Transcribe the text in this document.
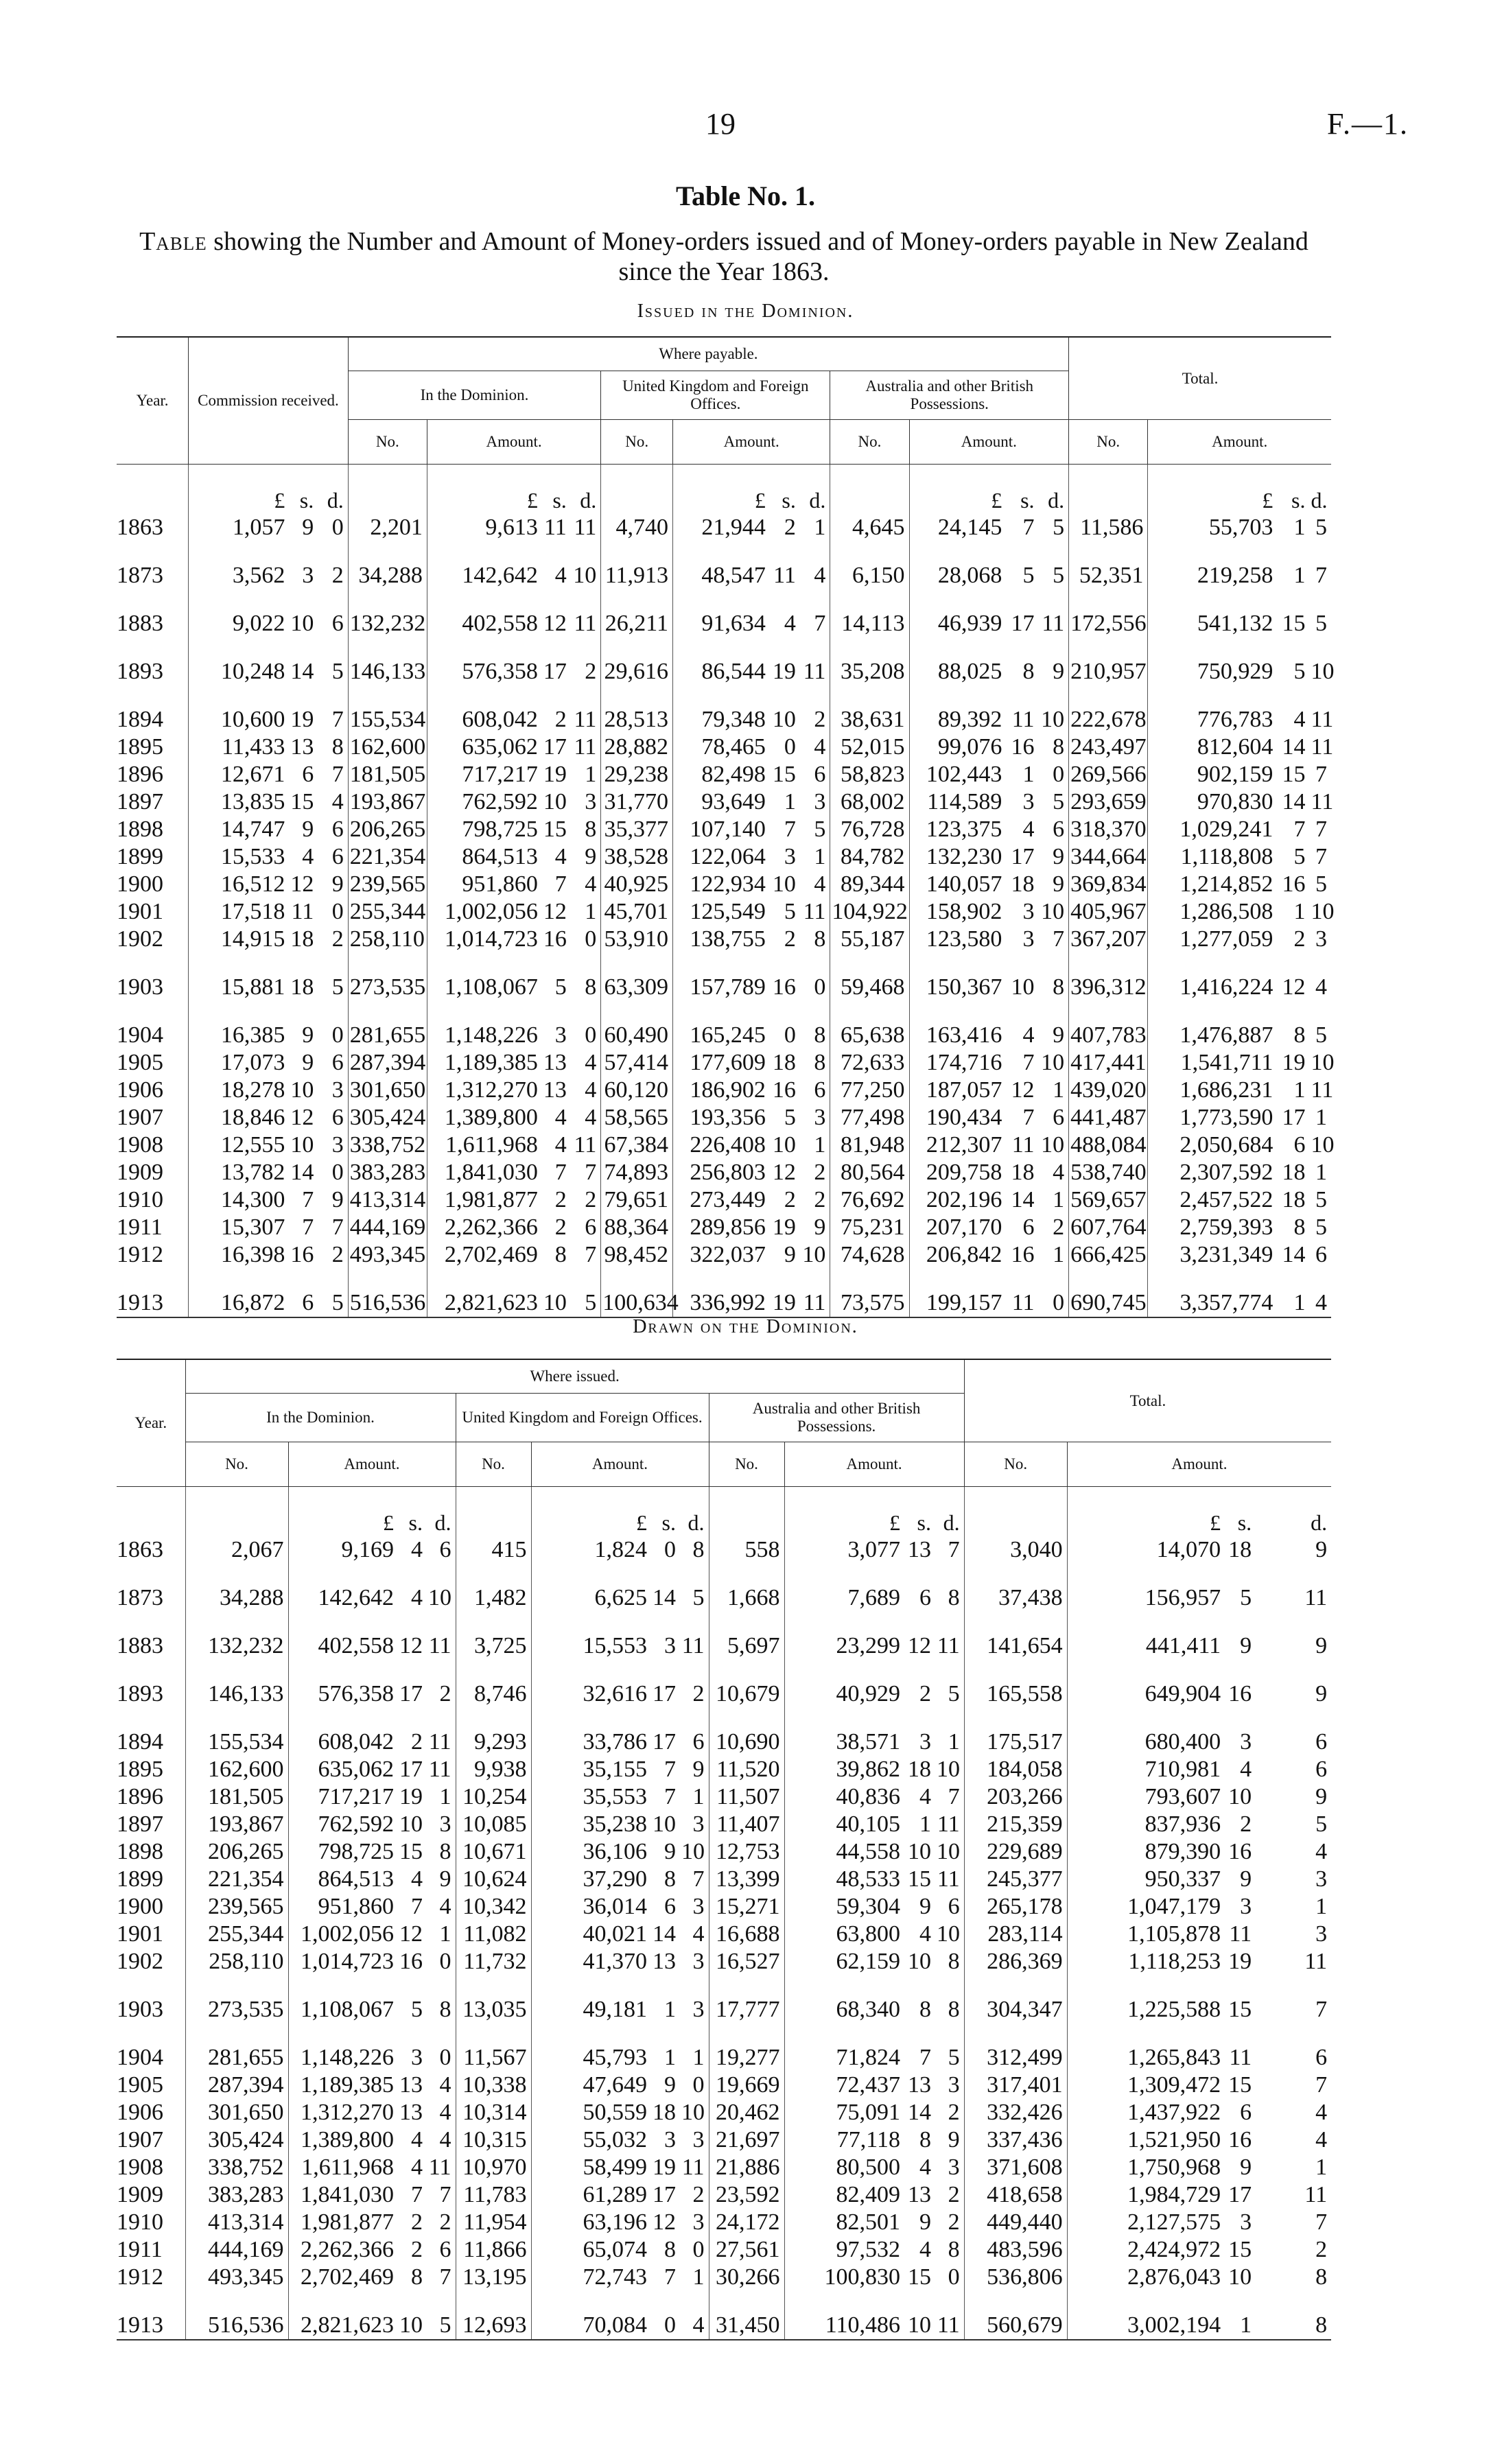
19	F.—1.
Table No. 1.
Table showing the Number and Amount of Money-orders issued and of Money-orders payable in New Zealand since the Year 1863.
Issued in the Dominion.
Year.	Commission received.			Where payable.												Total.			
				In the Dominion.				United Kingdom and Foreign Offices.				Australia and other British Possessions.							
				No.	Amount.			No.	Amount.			No.	Amount.			No.	Amount.		
	£	s.	d.		£	s.	d.		£	s.	d.		£	s.	d.		£	s.	d.
1863	1,057	9	0	2,201	9,613	11	11	4,740	21,944	2	1	4,645	24,145	7	5	11,586	55,703	1	5
1873	3,562	3	2	34,288	142,642	4	10	11,913	48,547	11	4	6,150	28,068	5	5	52,351	219,258	1	7
1883	9,022	10	6	132,232	402,558	12	11	26,211	91,634	4	7	14,113	46,939	17	11	172,556	541,132	15	5
1893	10,248	14	5	146,133	576,358	17	2	29,616	86,544	19	11	35,208	88,025	8	9	210,957	750,929	5	10
1894	10,600	19	7	155,534	608,042	2	11	28,513	79,348	10	2	38,631	89,392	11	10	222,678	776,783	4	11
1895	11,433	13	8	162,600	635,062	17	11	28,882	78,465	0	4	52,015	99,076	16	8	243,497	812,604	14	11
1896	12,671	6	7	181,505	717,217	19	1	29,238	82,498	15	6	58,823	102,443	1	0	269,566	902,159	15	7
1897	13,835	15	4	193,867	762,592	10	3	31,770	93,649	1	3	68,002	114,589	3	5	293,659	970,830	14	11
1898	14,747	9	6	206,265	798,725	15	8	35,377	107,140	7	5	76,728	123,375	4	6	318,370	1,029,241	7	7
1899	15,533	4	6	221,354	864,513	4	9	38,528	122,064	3	1	84,782	132,230	17	9	344,664	1,118,808	5	7
1900	16,512	12	9	239,565	951,860	7	4	40,925	122,934	10	4	89,344	140,057	18	9	369,834	1,214,852	16	5
1901	17,518	11	0	255,344	1,002,056	12	1	45,701	125,549	5	11	104,922	158,902	3	10	405,967	1,286,508	1	10
1902	14,915	18	2	258,110	1,014,723	16	0	53,910	138,755	2	8	55,187	123,580	3	7	367,207	1,277,059	2	3
1903	15,881	18	5	273,535	1,108,067	5	8	63,309	157,789	16	0	59,468	150,367	10	8	396,312	1,416,224	12	4
1904	16,385	9	0	281,655	1,148,226	3	0	60,490	165,245	0	8	65,638	163,416	4	9	407,783	1,476,887	8	5
1905	17,073	9	6	287,394	1,189,385	13	4	57,414	177,609	18	8	72,633	174,716	7	10	417,441	1,541,711	19	10
1906	18,278	10	3	301,650	1,312,270	13	4	60,120	186,902	16	6	77,250	187,057	12	1	439,020	1,686,231	1	11
1907	18,846	12	6	305,424	1,389,800	4	4	58,565	193,356	5	3	77,498	190,434	7	6	441,487	1,773,590	17	1
1908	12,555	10	3	338,752	1,611,968	4	11	67,384	226,408	10	1	81,948	212,307	11	10	488,084	2,050,684	6	10
1909	13,782	14	0	383,283	1,841,030	7	7	74,893	256,803	12	2	80,564	209,758	18	4	538,740	2,307,592	18	1
1910	14,300	7	9	413,314	1,981,877	2	2	79,651	273,449	2	2	76,692	202,196	14	1	569,657	2,457,522	18	5
1911	15,307	7	7	444,169	2,262,366	2	6	88,364	289,856	19	9	75,231	207,170	6	2	607,764	2,759,393	8	5
1912	16,398	16	2	493,345	2,702,469	8	7	98,452	322,037	9	10	74,628	206,842	16	1	666,425	3,231,349	14	6
1913	16,872	6	5	516,536	2,821,623	10	5	100,634	336,992	19	11	73,575	199,157	11	0	690,745	3,357,774	1	4
Drawn on the Dominion.
Year.	Where issued.												Total.			
	In the Dominion.				United Kingdom and Foreign Offices.				Australia and other British Possessions.							
	No.	Amount.			No.	Amount.			No.	Amount.			No.	Amount.		
		£	s.	d.		£	s.	d.		£	s.	d.		£	s.	d.
1863	2,067	9,169	4	6	415	1,824	0	8	558	3,077	13	7	3,040	14,070	18	9
1873	34,288	142,642	4	10	1,482	6,625	14	5	1,668	7,689	6	8	37,438	156,957	5	11
1883	132,232	402,558	12	11	3,725	15,553	3	11	5,697	23,299	12	11	141,654	441,411	9	9
1893	146,133	576,358	17	2	8,746	32,616	17	2	10,679	40,929	2	5	165,558	649,904	16	9
1894	155,534	608,042	2	11	9,293	33,786	17	6	10,690	38,571	3	1	175,517	680,400	3	6
1895	162,600	635,062	17	11	9,938	35,155	7	9	11,520	39,862	18	10	184,058	710,981	4	6
1896	181,505	717,217	19	1	10,254	35,553	7	1	11,507	40,836	4	7	203,266	793,607	10	9
1897	193,867	762,592	10	3	10,085	35,238	10	3	11,407	40,105	1	11	215,359	837,936	2	5
1898	206,265	798,725	15	8	10,671	36,106	9	10	12,753	44,558	10	10	229,689	879,390	16	4
1899	221,354	864,513	4	9	10,624	37,290	8	7	13,399	48,533	15	11	245,377	950,337	9	3
1900	239,565	951,860	7	4	10,342	36,014	6	3	15,271	59,304	9	6	265,178	1,047,179	3	1
1901	255,344	1,002,056	12	1	11,082	40,021	14	4	16,688	63,800	4	10	283,114	1,105,878	11	3
1902	258,110	1,014,723	16	0	11,732	41,370	13	3	16,527	62,159	10	8	286,369	1,118,253	19	11
1903	273,535	1,108,067	5	8	13,035	49,181	1	3	17,777	68,340	8	8	304,347	1,225,588	15	7
1904	281,655	1,148,226	3	0	11,567	45,793	1	1	19,277	71,824	7	5	312,499	1,265,843	11	6
1905	287,394	1,189,385	13	4	10,338	47,649	9	0	19,669	72,437	13	3	317,401	1,309,472	15	7
1906	301,650	1,312,270	13	4	10,314	50,559	18	10	20,462	75,091	14	2	332,426	1,437,922	6	4
1907	305,424	1,389,800	4	4	10,315	55,032	3	3	21,697	77,118	8	9	337,436	1,521,950	16	4
1908	338,752	1,611,968	4	11	10,970	58,499	19	11	21,886	80,500	4	3	371,608	1,750,968	9	1
1909	383,283	1,841,030	7	7	11,783	61,289	17	2	23,592	82,409	13	2	418,658	1,984,729	17	11
1910	413,314	1,981,877	2	2	11,954	63,196	12	3	24,172	82,501	9	2	449,440	2,127,575	3	7
1911	444,169	2,262,366	2	6	11,866	65,074	8	0	27,561	97,532	4	8	483,596	2,424,972	15	2
1912	493,345	2,702,469	8	7	13,195	72,743	7	1	30,266	100,830	15	0	536,806	2,876,043	10	8
1913	516,536	2,821,623	10	5	12,693	70,084	0	4	31,450	110,486	10	11	560,679	3,002,194	1	8
